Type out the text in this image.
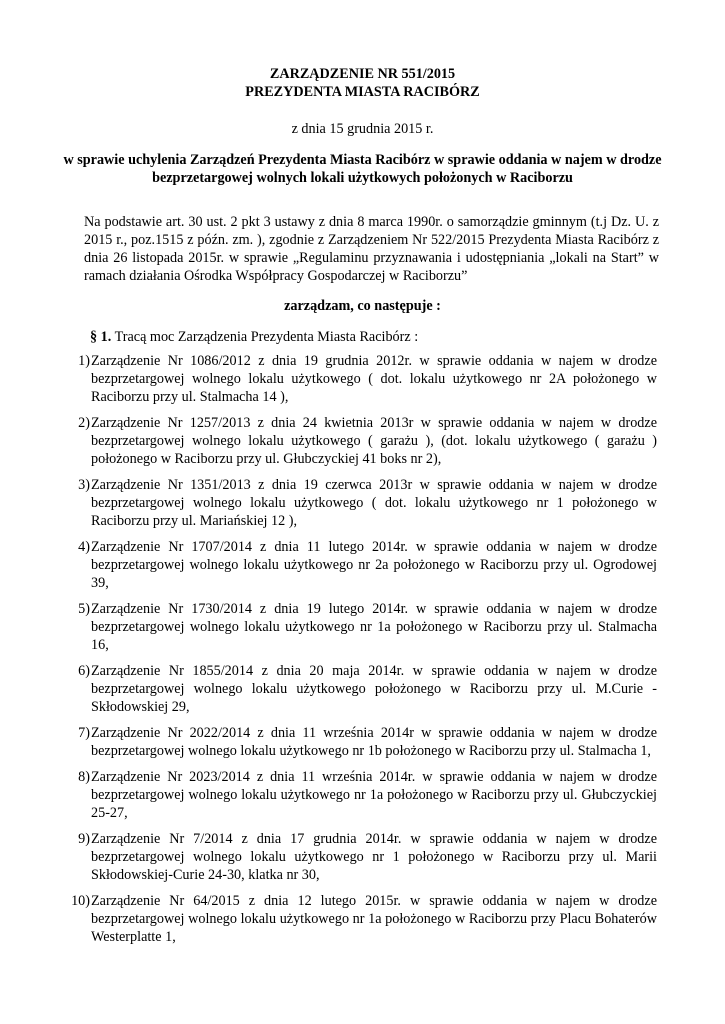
ZARZĄDZENIE NR 551/2015
PREZYDENTA MIASTA RACIBÓRZ
z dnia 15 grudnia 2015 r.
w sprawie uchylenia Zarządzeń Prezydenta Miasta Racibórz w sprawie oddania w najem w drodze bezprzetargowej wolnych lokali użytkowych położonych w Raciborzu
Na podstawie art. 30 ust. 2 pkt 3 ustawy z dnia 8 marca 1990r. o samorządzie gminnym (t.j Dz. U. z 2015 r., poz.1515 z późn. zm. ), zgodnie z Zarządzeniem Nr 522/2015 Prezydenta Miasta Racibórz z dnia 26 listopada 2015r. w sprawie „Regulaminu przyznawania i udostępniania „lokali na Start” w ramach działania Ośrodka Współpracy Gospodarczej w Raciborzu”
zarządzam, co następuje :
§ 1. Tracą moc Zarządzenia Prezydenta Miasta Racibórz :
1) Zarządzenie Nr 1086/2012 z dnia 19 grudnia 2012r. w sprawie oddania w najem w drodze bezprzetargowej wolnego lokalu użytkowego ( dot. lokalu użytkowego nr 2A położonego w Raciborzu przy ul. Stalmacha 14 ),
2) Zarządzenie Nr 1257/2013 z dnia 24 kwietnia 2013r w sprawie oddania w najem w drodze bezprzetargowej wolnego lokalu użytkowego ( garażu ), (dot. lokalu użytkowego ( garażu ) położonego w Raciborzu przy ul. Głubczyckiej 41 boks nr 2),
3) Zarządzenie Nr 1351/2013 z dnia 19 czerwca 2013r w sprawie oddania w najem w drodze bezprzetargowej wolnego lokalu użytkowego ( dot. lokalu użytkowego nr 1 położonego w Raciborzu przy ul. Mariańskiej 12 ),
4) Zarządzenie Nr 1707/2014 z dnia 11 lutego 2014r. w sprawie oddania w najem w drodze bezprzetargowej wolnego lokalu użytkowego nr 2a położonego w Raciborzu przy ul. Ogrodowej 39,
5) Zarządzenie Nr 1730/2014 z dnia 19 lutego 2014r. w sprawie oddania w najem w drodze bezprzetargowej wolnego lokalu użytkowego nr 1a położonego w Raciborzu przy ul. Stalmacha 16,
6) Zarządzenie Nr 1855/2014 z dnia 20 maja 2014r. w sprawie oddania w najem w drodze bezprzetargowej wolnego lokalu użytkowego położonego w Raciborzu przy ul. M.Curie - Skłodowskiej 29,
7) Zarządzenie Nr 2022/2014 z dnia 11 września 2014r w sprawie oddania w najem w drodze bezprzetargowej wolnego lokalu użytkowego nr 1b położonego w Raciborzu przy ul. Stalmacha 1,
8) Zarządzenie Nr 2023/2014 z dnia 11 września 2014r. w sprawie oddania w najem w drodze bezprzetargowej wolnego lokalu użytkowego nr 1a położonego w Raciborzu przy ul. Głubczyckiej 25-27,
9) Zarządzenie Nr 7/2014 z dnia 17 grudnia 2014r. w sprawie oddania w najem w drodze bezprzetargowej wolnego lokalu użytkowego nr 1 położonego w Raciborzu przy ul. Marii Skłodowskiej-Curie 24-30, klatka nr 30,
10) Zarządzenie Nr 64/2015 z dnia 12 lutego 2015r. w sprawie oddania w najem w drodze bezprzetargowej wolnego lokalu użytkowego nr 1a położonego w Raciborzu przy Placu Bohaterów Westerplatte 1,
